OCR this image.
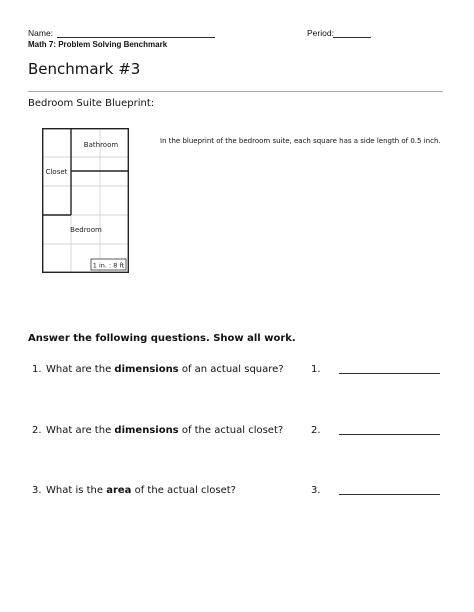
Name:	Period:
Math 7: Problem Solving Benchmark
Benchmark #3
Bedroom Suite Blueprint:
In the blueprint of the bedroom suite, each square has a side length of 0.5 inch.
Bathroom
Closet
Bedroom
1 in. : 8 ft
Answer the following questions. Show all work.
1. What are the dimensions of an actual square?	1.
2. What are the dimensions of the actual closet?	2.
3. What is the area of the actual closet?	3.
